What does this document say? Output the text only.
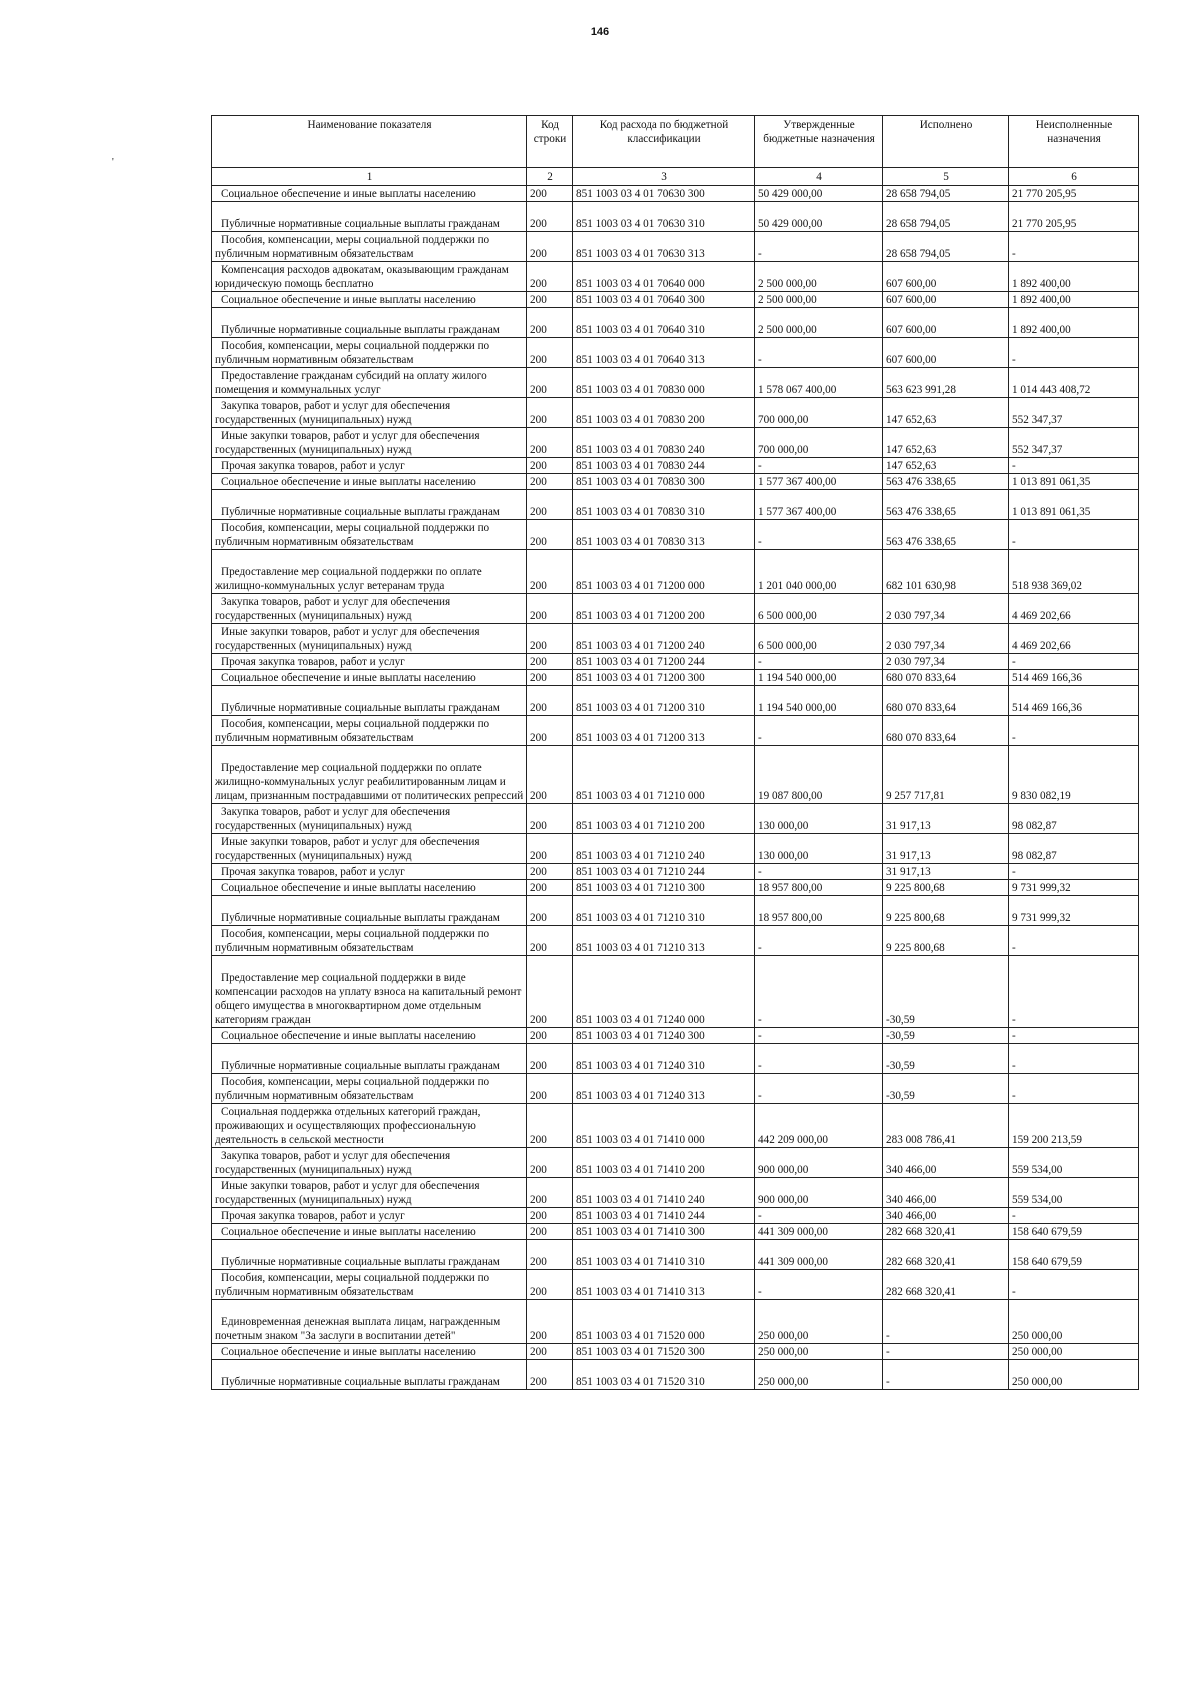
146
'
Наименование показателя	Код строки	Код расхода по бюджетной классификации	Утвержденные бюджетные назначения	Исполнено	Неисполненные назначения
1	2	3	4	5	6
Социальное обеспечение и иные выплаты населению	200	851 1003 03 4 01 70630 300	50 429 000,00	28 658 794,05	21 770 205,95
Публичные нормативные социальные выплаты гражданам	200	851 1003 03 4 01 70630 310	50 429 000,00	28 658 794,05	21 770 205,95
Пособия, компенсации, меры социальной поддержки по публичным нормативным обязательствам	200	851 1003 03 4 01 70630 313	-	28 658 794,05	-
Компенсация расходов адвокатам, оказывающим гражданам юридическую помощь бесплатно	200	851 1003 03 4 01 70640 000	2 500 000,00	607 600,00	1 892 400,00
Социальное обеспечение и иные выплаты населению	200	851 1003 03 4 01 70640 300	2 500 000,00	607 600,00	1 892 400,00
Публичные нормативные социальные выплаты гражданам	200	851 1003 03 4 01 70640 310	2 500 000,00	607 600,00	1 892 400,00
Пособия, компенсации, меры социальной поддержки по публичным нормативным обязательствам	200	851 1003 03 4 01 70640 313	-	607 600,00	-
Предоставление гражданам субсидий на оплату жилого помещения и коммунальных услуг	200	851 1003 03 4 01 70830 000	1 578 067 400,00	563 623 991,28	1 014 443 408,72
Закупка товаров, работ и услуг для обеспечения государственных (муниципальных) нужд	200	851 1003 03 4 01 70830 200	700 000,00	147 652,63	552 347,37
Иные закупки товаров, работ и услуг для обеспечения государственных (муниципальных) нужд	200	851 1003 03 4 01 70830 240	700 000,00	147 652,63	552 347,37
Прочая закупка товаров, работ и услуг	200	851 1003 03 4 01 70830 244	-	147 652,63	-
Социальное обеспечение и иные выплаты населению	200	851 1003 03 4 01 70830 300	1 577 367 400,00	563 476 338,65	1 013 891 061,35
Публичные нормативные социальные выплаты гражданам	200	851 1003 03 4 01 70830 310	1 577 367 400,00	563 476 338,65	1 013 891 061,35
Пособия, компенсации, меры социальной поддержки по публичным нормативным обязательствам	200	851 1003 03 4 01 70830 313	-	563 476 338,65	-
Предоставление мер социальной поддержки по оплате жилищно-коммунальных услуг ветеранам труда	200	851 1003 03 4 01 71200 000	1 201 040 000,00	682 101 630,98	518 938 369,02
Закупка товаров, работ и услуг для обеспечения государственных (муниципальных) нужд	200	851 1003 03 4 01 71200 200	6 500 000,00	2 030 797,34	4 469 202,66
Иные закупки товаров, работ и услуг для обеспечения государственных (муниципальных) нужд	200	851 1003 03 4 01 71200 240	6 500 000,00	2 030 797,34	4 469 202,66
Прочая закупка товаров, работ и услуг	200	851 1003 03 4 01 71200 244	-	2 030 797,34	-
Социальное обеспечение и иные выплаты населению	200	851 1003 03 4 01 71200 300	1 194 540 000,00	680 070 833,64	514 469 166,36
Публичные нормативные социальные выплаты гражданам	200	851 1003 03 4 01 71200 310	1 194 540 000,00	680 070 833,64	514 469 166,36
Пособия, компенсации, меры социальной поддержки по публичным нормативным обязательствам	200	851 1003 03 4 01 71200 313	-	680 070 833,64	-
Предоставление мер социальной поддержки по оплате жилищно-коммунальных услуг реабилитированным лицам и лицам, признанным пострадавшими от политических репрессий	200	851 1003 03 4 01 71210 000	19 087 800,00	9 257 717,81	9 830 082,19
Закупка товаров, работ и услуг для обеспечения государственных (муниципальных) нужд	200	851 1003 03 4 01 71210 200	130 000,00	31 917,13	98 082,87
Иные закупки товаров, работ и услуг для обеспечения государственных (муниципальных) нужд	200	851 1003 03 4 01 71210 240	130 000,00	31 917,13	98 082,87
Прочая закупка товаров, работ и услуг	200	851 1003 03 4 01 71210 244	-	31 917,13	-
Социальное обеспечение и иные выплаты населению	200	851 1003 03 4 01 71210 300	18 957 800,00	9 225 800,68	9 731 999,32
Публичные нормативные социальные выплаты гражданам	200	851 1003 03 4 01 71210 310	18 957 800,00	9 225 800,68	9 731 999,32
Пособия, компенсации, меры социальной поддержки по публичным нормативным обязательствам	200	851 1003 03 4 01 71210 313	-	9 225 800,68	-
Предоставление мер социальной поддержки в виде компенсации расходов на уплату взноса на капитальный ремонт общего имущества в многоквартирном доме отдельным категориям граждан	200	851 1003 03 4 01 71240 000	-	-30,59	-
Социальное обеспечение и иные выплаты населению	200	851 1003 03 4 01 71240 300	-	-30,59	-
Публичные нормативные социальные выплаты гражданам	200	851 1003 03 4 01 71240 310	-	-30,59	-
Пособия, компенсации, меры социальной поддержки по публичным нормативным обязательствам	200	851 1003 03 4 01 71240 313	-	-30,59	-
Социальная поддержка отдельных категорий граждан, проживающих и осуществляющих профессиональную деятельность в сельской местности	200	851 1003 03 4 01 71410 000	442 209 000,00	283 008 786,41	159 200 213,59
Закупка товаров, работ и услуг для обеспечения государственных (муниципальных) нужд	200	851 1003 03 4 01 71410 200	900 000,00	340 466,00	559 534,00
Иные закупки товаров, работ и услуг для обеспечения государственных (муниципальных) нужд	200	851 1003 03 4 01 71410 240	900 000,00	340 466,00	559 534,00
Прочая закупка товаров, работ и услуг	200	851 1003 03 4 01 71410 244	-	340 466,00	-
Социальное обеспечение и иные выплаты населению	200	851 1003 03 4 01 71410 300	441 309 000,00	282 668 320,41	158 640 679,59
Публичные нормативные социальные выплаты гражданам	200	851 1003 03 4 01 71410 310	441 309 000,00	282 668 320,41	158 640 679,59
Пособия, компенсации, меры социальной поддержки по публичным нормативным обязательствам	200	851 1003 03 4 01 71410 313	-	282 668 320,41	-
Единовременная денежная выплата лицам, награжденным почетным знаком "За заслуги в воспитании детей"	200	851 1003 03 4 01 71520 000	250 000,00	-	250 000,00
Социальное обеспечение и иные выплаты населению	200	851 1003 03 4 01 71520 300	250 000,00	-	250 000,00
Публичные нормативные социальные выплаты гражданам	200	851 1003 03 4 01 71520 310	250 000,00	-	250 000,00
